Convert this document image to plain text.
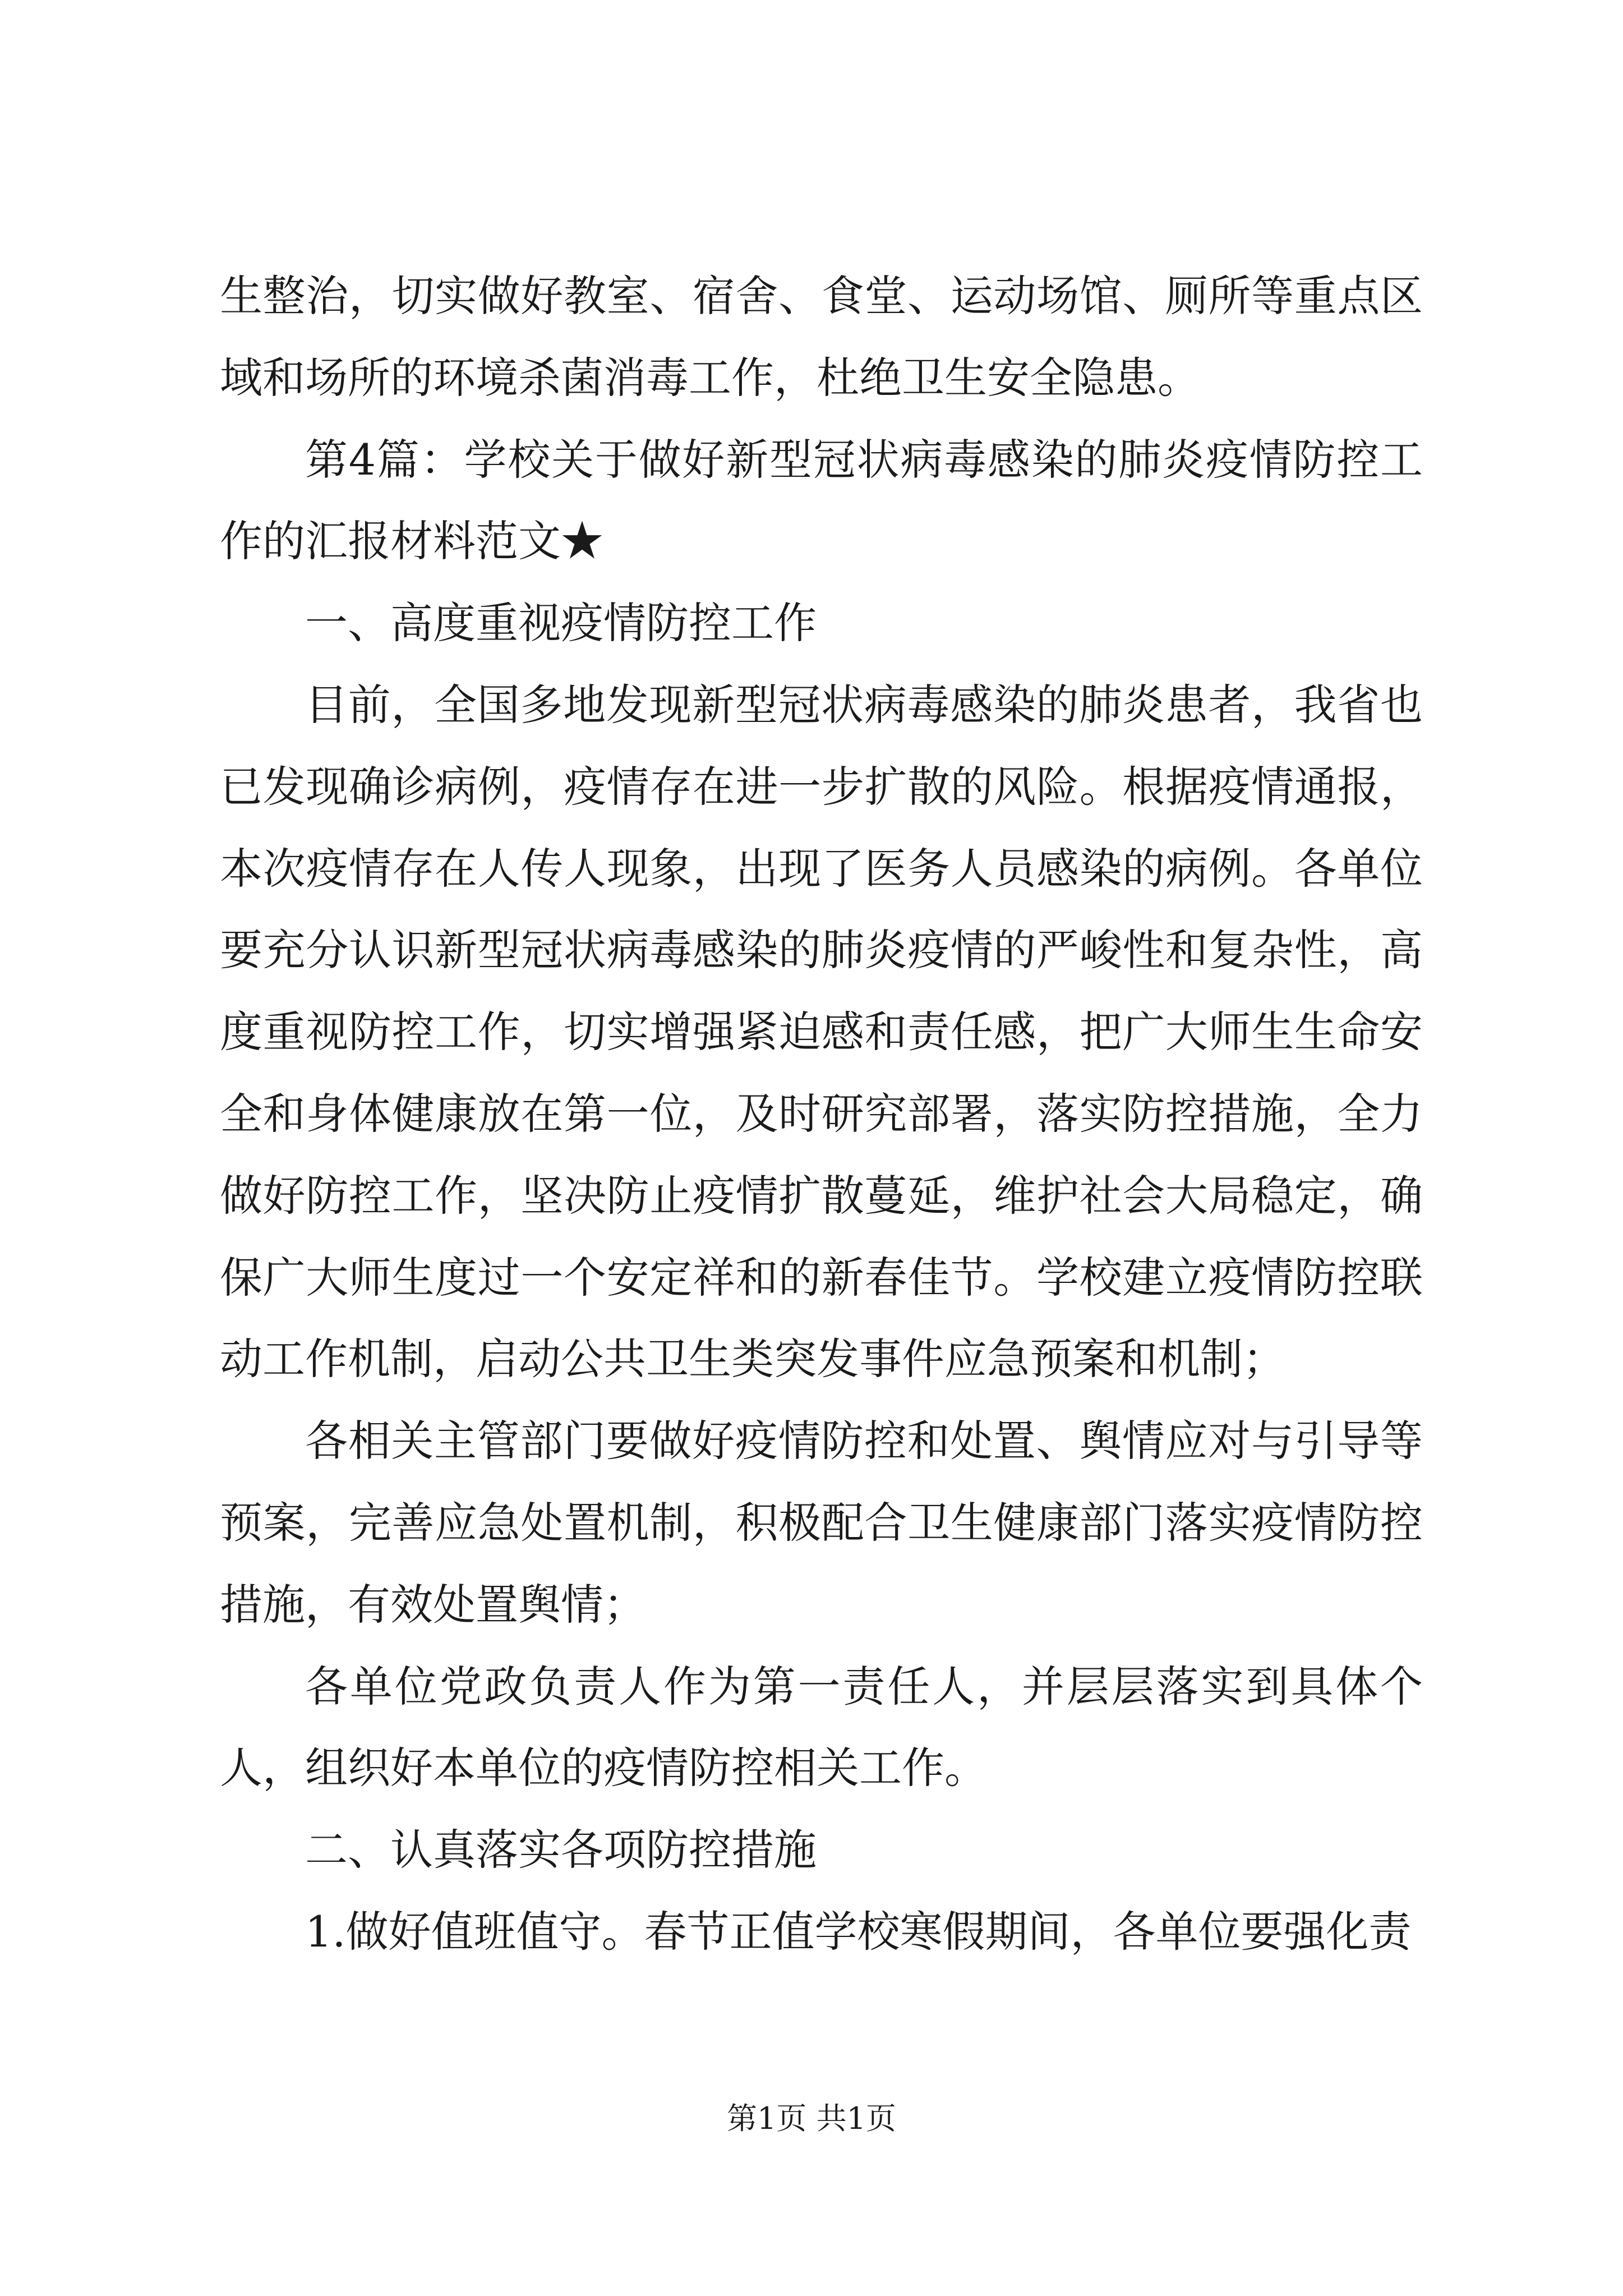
生整治，切实做好教室、宿舍、食堂、运动场馆、厕所等重点区域和场所的环境杀菌消毒工作，杜绝卫生安全隐患。

第4篇：学校关于做好新型冠状病毒感染的肺炎疫情防控工作的汇报材料范文★

一、高度重视疫情防控工作

目前，全国多地发现新型冠状病毒感染的肺炎患者，我省也已发现确诊病例，疫情存在进一步扩散的风险。根据疫情通报，本次疫情存在人传人现象，出现了医务人员感染的病例。各单位要充分认识新型冠状病毒感染的肺炎疫情的严峻性和复杂性，高度重视防控工作，切实增强紧迫感和责任感，把广大师生生命安全和身体健康放在第一位，及时研究部署，落实防控措施，全力做好防控工作，坚决防止疫情扩散蔓延，维护社会大局稳定，确保广大师生度过一个安定祥和的新春佳节。学校建立疫情防控联动工作机制，启动公共卫生类突发事件应急预案和机制；

各相关主管部门要做好疫情防控和处置、舆情应对与引导等预案，完善应急处置机制，积极配合卫生健康部门落实疫情防控措施，有效处置舆情；

各单位党政负责人作为第一责任人，并层层落实到具体个人，组织好本单位的疫情防控相关工作。

二、认真落实各项防控措施

1.做好值班值守。春节正值学校寒假期间，各单位要强化责

第1页 共1页
